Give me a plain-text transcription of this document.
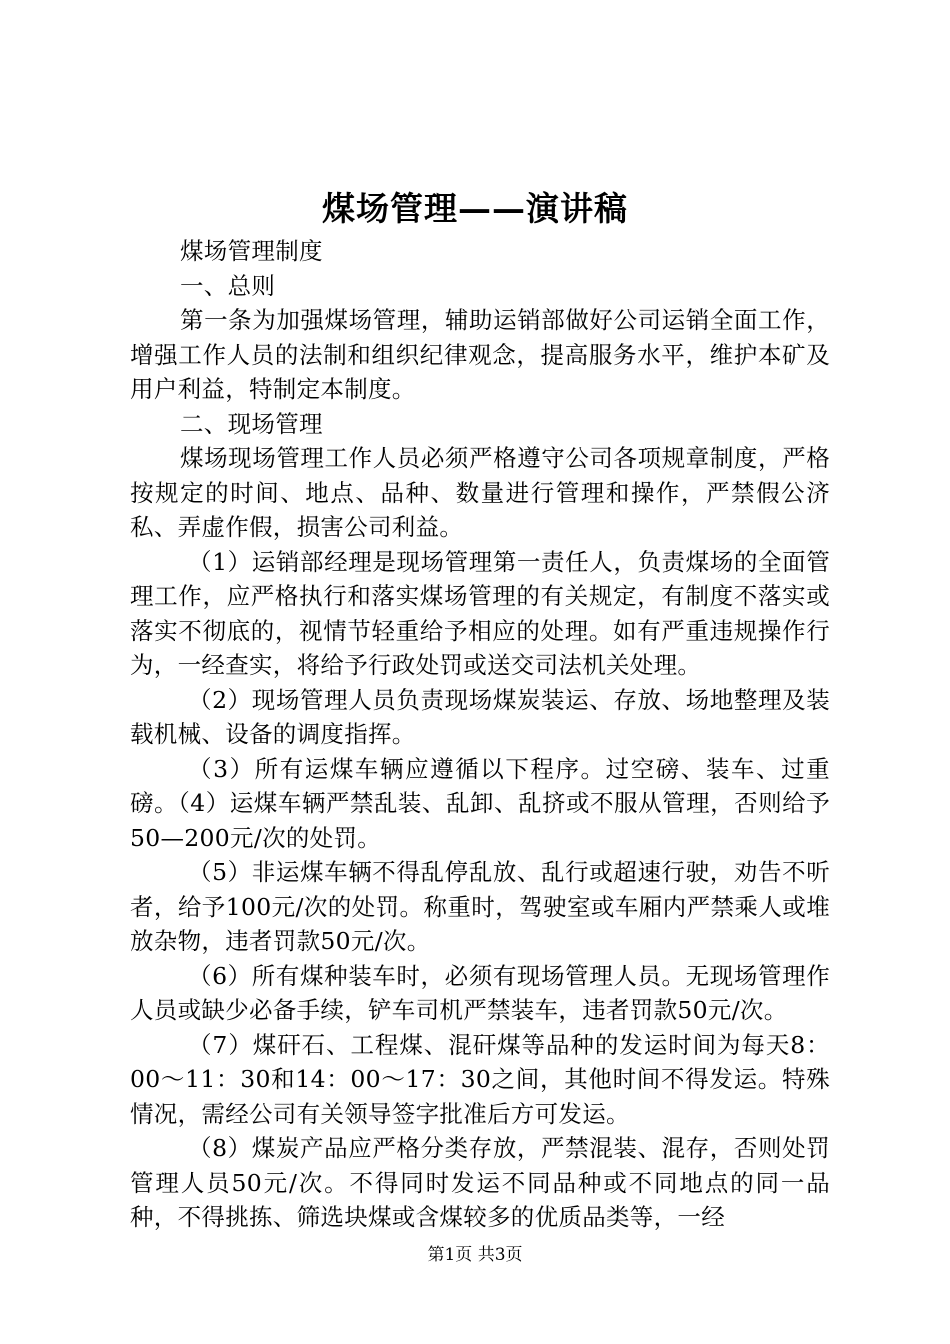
煤场管理——演讲稿

煤场管理制度

一、总则

第一条为加强煤场管理，辅助运销部做好公司运销全面工作，增强工作人员的法制和组织纪律观念，提高服务水平，维护本矿及用户利益，特制定本制度。

二、现场管理

煤场现场管理工作人员必须严格遵守公司各项规章制度，严格按规定的时间、地点、品种、数量进行管理和操作，严禁假公济私、弄虚作假，损害公司利益。

（1）运销部经理是现场管理第一责任人，负责煤场的全面管理工作，应严格执行和落实煤场管理的有关规定，有制度不落实或落实不彻底的，视情节轻重给予相应的处理。如有严重违规操作行为，一经查实，将给予行政处罚或送交司法机关处理。

（2）现场管理人员负责现场煤炭装运、存放、场地整理及装载机械、设备的调度指挥。

（3）所有运煤车辆应遵循以下程序。过空磅、装车、过重磅。（4）运煤车辆严禁乱装、乱卸、乱挤或不服从管理，否则给予50—200元/次的处罚。

（5）非运煤车辆不得乱停乱放、乱行或超速行驶，劝告不听者，给予100元/次的处罚。称重时，驾驶室或车厢内严禁乘人或堆放杂物，违者罚款50元/次。

（6）所有煤种装车时，必须有现场管理人员。无现场管理作人员或缺少必备手续，铲车司机严禁装车，违者罚款50元/次。

（7）煤矸石、工程煤、混矸煤等品种的发运时间为每天8：00～11：30和14：00～17：30之间，其他时间不得发运。特殊情况，需经公司有关领导签字批准后方可发运。

（8）煤炭产品应严格分类存放，严禁混装、混存，否则处罚管理人员50元/次。不得同时发运不同品种或不同地点的同一品种，不得挑拣、筛选块煤或含煤较多的优质品类等，一经

第1页 共3页
